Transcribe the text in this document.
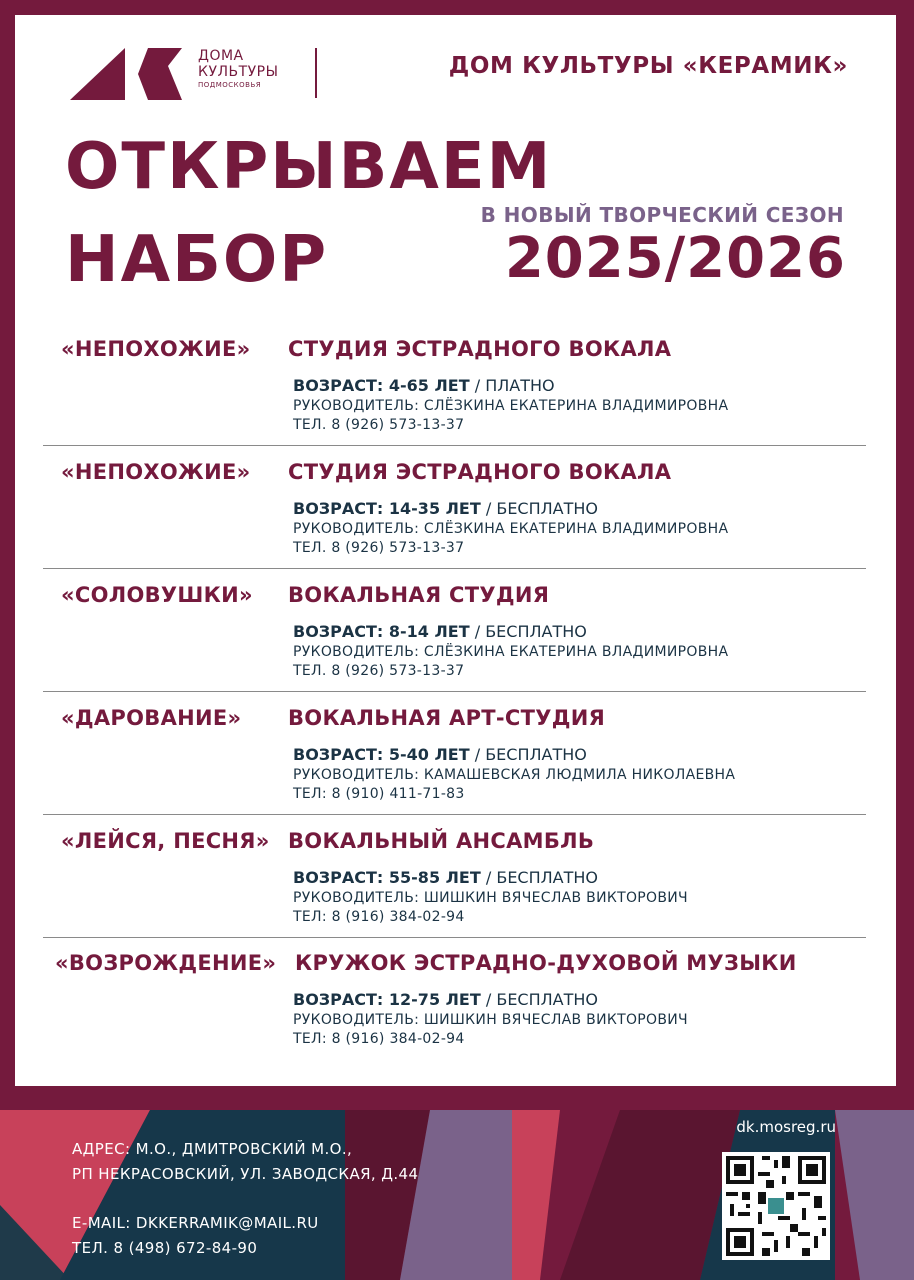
ДОМА
КУЛЬТУРЫ
ПОДМОСКОВЬЯ
ДОМ КУЛЬТУРЫ «КЕРАМИК»
ОТКРЫВАЕМ
НАБОР
В НОВЫЙ ТВОРЧЕСКИЙ СЕЗОН
2025/2026
«НЕПОХОЖИЕ» СТУДИЯ ЭСТРАДНОГО ВОКАЛА
ВОЗРАСТ: 4-65 ЛЕТ / ПЛАТНО
РУКОВОДИТЕЛЬ: СЛЁЗКИНА ЕКАТЕРИНА ВЛАДИМИРОВНА
ТЕЛ. 8 (926) 573-13-37
«НЕПОХОЖИЕ» СТУДИЯ ЭСТРАДНОГО ВОКАЛА
ВОЗРАСТ: 14-35 ЛЕТ / БЕСПЛАТНО
РУКОВОДИТЕЛЬ: СЛЁЗКИНА ЕКАТЕРИНА ВЛАДИМИРОВНА
ТЕЛ. 8 (926) 573-13-37
«СОЛОВУШКИ» ВОКАЛЬНАЯ СТУДИЯ
ВОЗРАСТ: 8-14 ЛЕТ / БЕСПЛАТНО
РУКОВОДИТЕЛЬ: СЛЁЗКИНА ЕКАТЕРИНА ВЛАДИМИРОВНА
ТЕЛ. 8 (926) 573-13-37
«ДАРОВАНИЕ» ВОКАЛЬНАЯ АРТ-СТУДИЯ
ВОЗРАСТ: 5-40 ЛЕТ / БЕСПЛАТНО
РУКОВОДИТЕЛЬ: КАМАШЕВСКАЯ ЛЮДМИЛА НИКОЛАЕВНА
ТЕЛ: 8 (910) 411-71-83
«ЛЕЙСЯ, ПЕСНЯ» ВОКАЛЬНЫЙ АНСАМБЛЬ
ВОЗРАСТ: 55-85 ЛЕТ / БЕСПЛАТНО
РУКОВОДИТЕЛЬ: ШИШКИН ВЯЧЕСЛАВ ВИКТОРОВИЧ
ТЕЛ: 8 (916) 384-02-94
«ВОЗРОЖДЕНИЕ» КРУЖОК ЭСТРАДНО-ДУХОВОЙ МУЗЫКИ
ВОЗРАСТ: 12-75 ЛЕТ / БЕСПЛАТНО
РУКОВОДИТЕЛЬ: ШИШКИН ВЯЧЕСЛАВ ВИКТОРОВИЧ
ТЕЛ: 8 (916) 384-02-94
АДРЕС: М.О., ДМИТРОВСКИЙ М.О.,
РП НЕКРАСОВСКИЙ, УЛ. ЗАВОДСКАЯ, Д.44
E-MAIL: DKKERRAMIK@MAIL.RU
ТЕЛ. 8 (498) 672-84-90
dk.mosreg.ru
